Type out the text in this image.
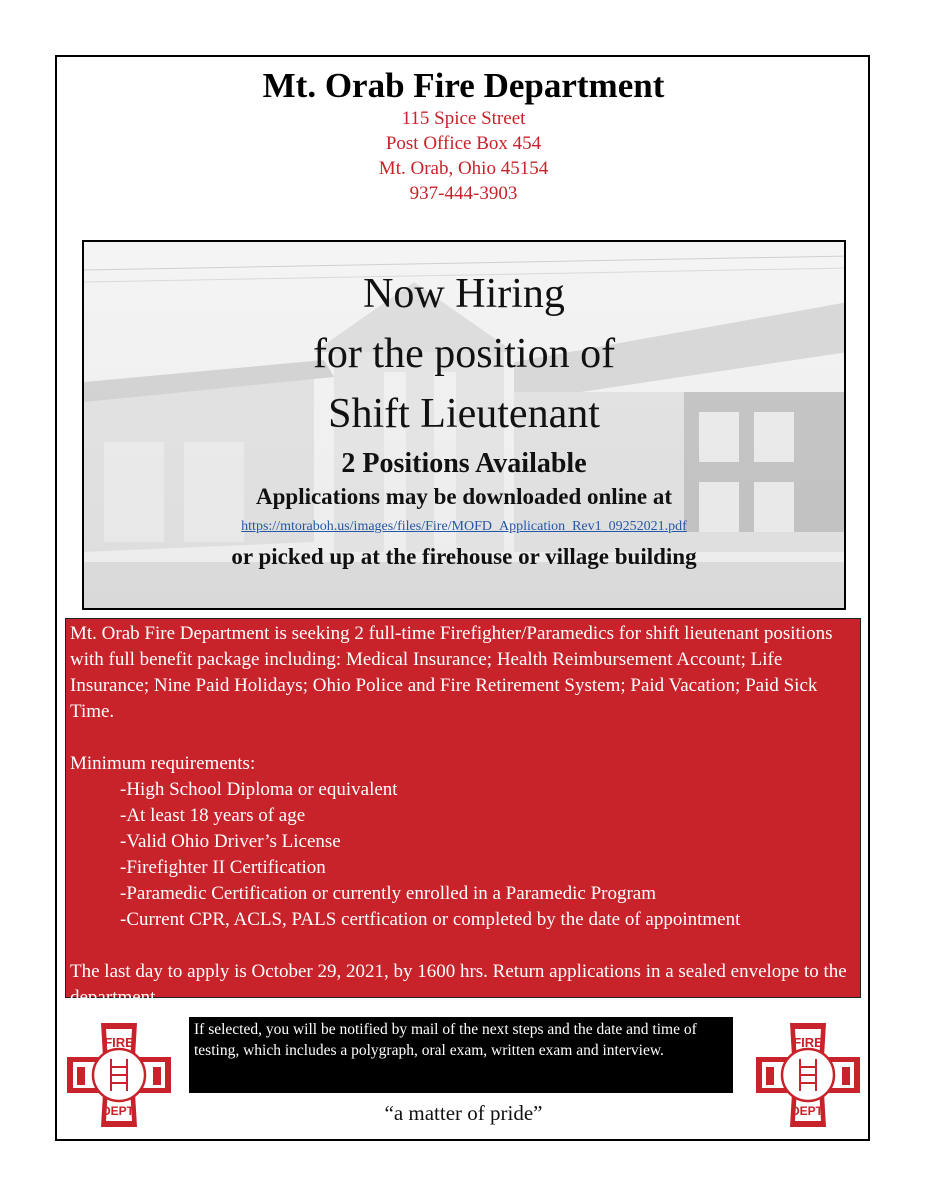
Mt. Orab Fire Department
115 Spice Street
Post Office Box 454
Mt. Orab, Ohio 45154
937-444-3903
Now Hiring
for the position of
Shift Lieutenant
2 Positions Available
Applications may be downloaded online at
https://mtoraboh.us/images/files/Fire/MOFD_Application_Rev1_09252021.pdf
or picked up at the firehouse or village building

Mt. Orab Fire Department is seeking 2 full-time Firefighter/Paramedics for shift lieutenant positions with full benefit package including: Medical Insurance; Health Reimbursement Account; Life Insurance; Nine Paid Holidays; Ohio Police and Fire Retirement System; Paid Vacation; Paid Sick Time.

Minimum requirements:

-High School Diploma or equivalent

-At least 18 years of age

-Valid Ohio Driver’s License

-Firefighter II Certification

-Paramedic Certification or currently enrolled in a Paramedic Program

-Current CPR, ACLS, PALS certfication or completed by the date of appointment

The last day to apply is October 29, 2021, by 1600 hrs. Return applications in a sealed envelope to the department.

If selected, you will be notified by mail of the next steps and the date and time of testing, which includes a polygraph, oral exam, written exam and interview.
FIRE
DEPT.
FIRE
DEPT.
“a matter of pride”
